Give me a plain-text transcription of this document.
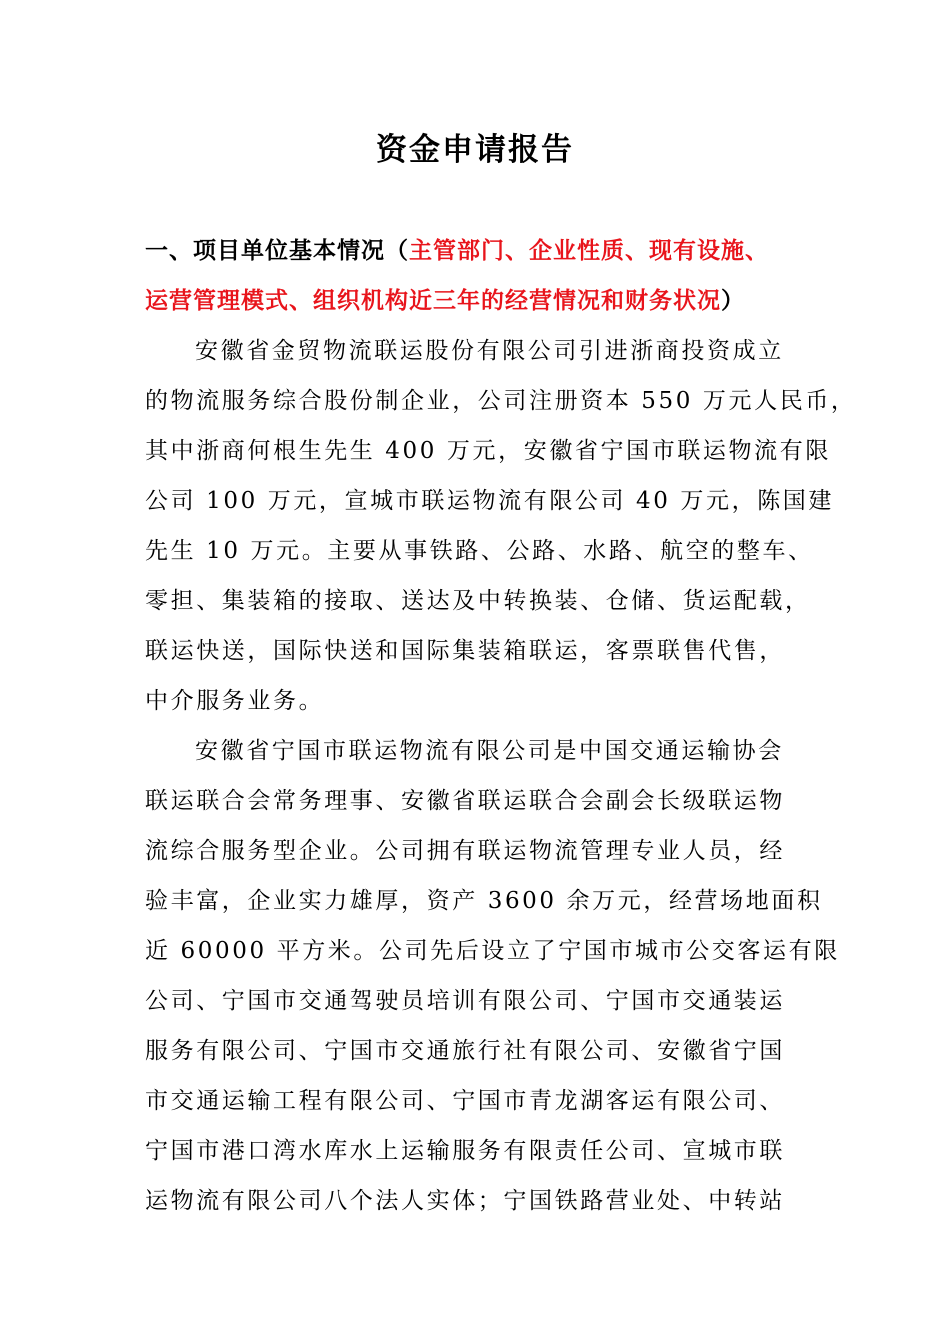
资金申请报告
一、项目单位基本情况（主管部门、企业性质、现有设施、
运营管理模式、组织机构近三年的经营情况和财务状况）
安徽省金贸物流联运股份有限公司引进浙商投资成立
的物流服务综合股份制企业，公司注册资本 550 万元人民币，
其中浙商何根生先生 400 万元，安徽省宁国市联运物流有限
公司 100 万元，宣城市联运物流有限公司 40 万元，陈国建
先生 10 万元。主要从事铁路、公路、水路、航空的整车、
零担、集装箱的接取、送达及中转换装、仓储、货运配载，
联运快送，国际快送和国际集装箱联运，客票联售代售，
中介服务业务。
安徽省宁国市联运物流有限公司是中国交通运输协会
联运联合会常务理事、安徽省联运联合会副会长级联运物
流综合服务型企业。公司拥有联运物流管理专业人员，经
验丰富，企业实力雄厚，资产 3600 余万元，经营场地面积
近 60000 平方米。公司先后设立了宁国市城市公交客运有限
公司、宁国市交通驾驶员培训有限公司、宁国市交通装运
服务有限公司、宁国市交通旅行社有限公司、安徽省宁国
市交通运输工程有限公司、宁国市青龙湖客运有限公司、
宁国市港口湾水库水上运输服务有限责任公司、宣城市联
运物流有限公司八个法人实体；宁国铁路营业处、中转站
